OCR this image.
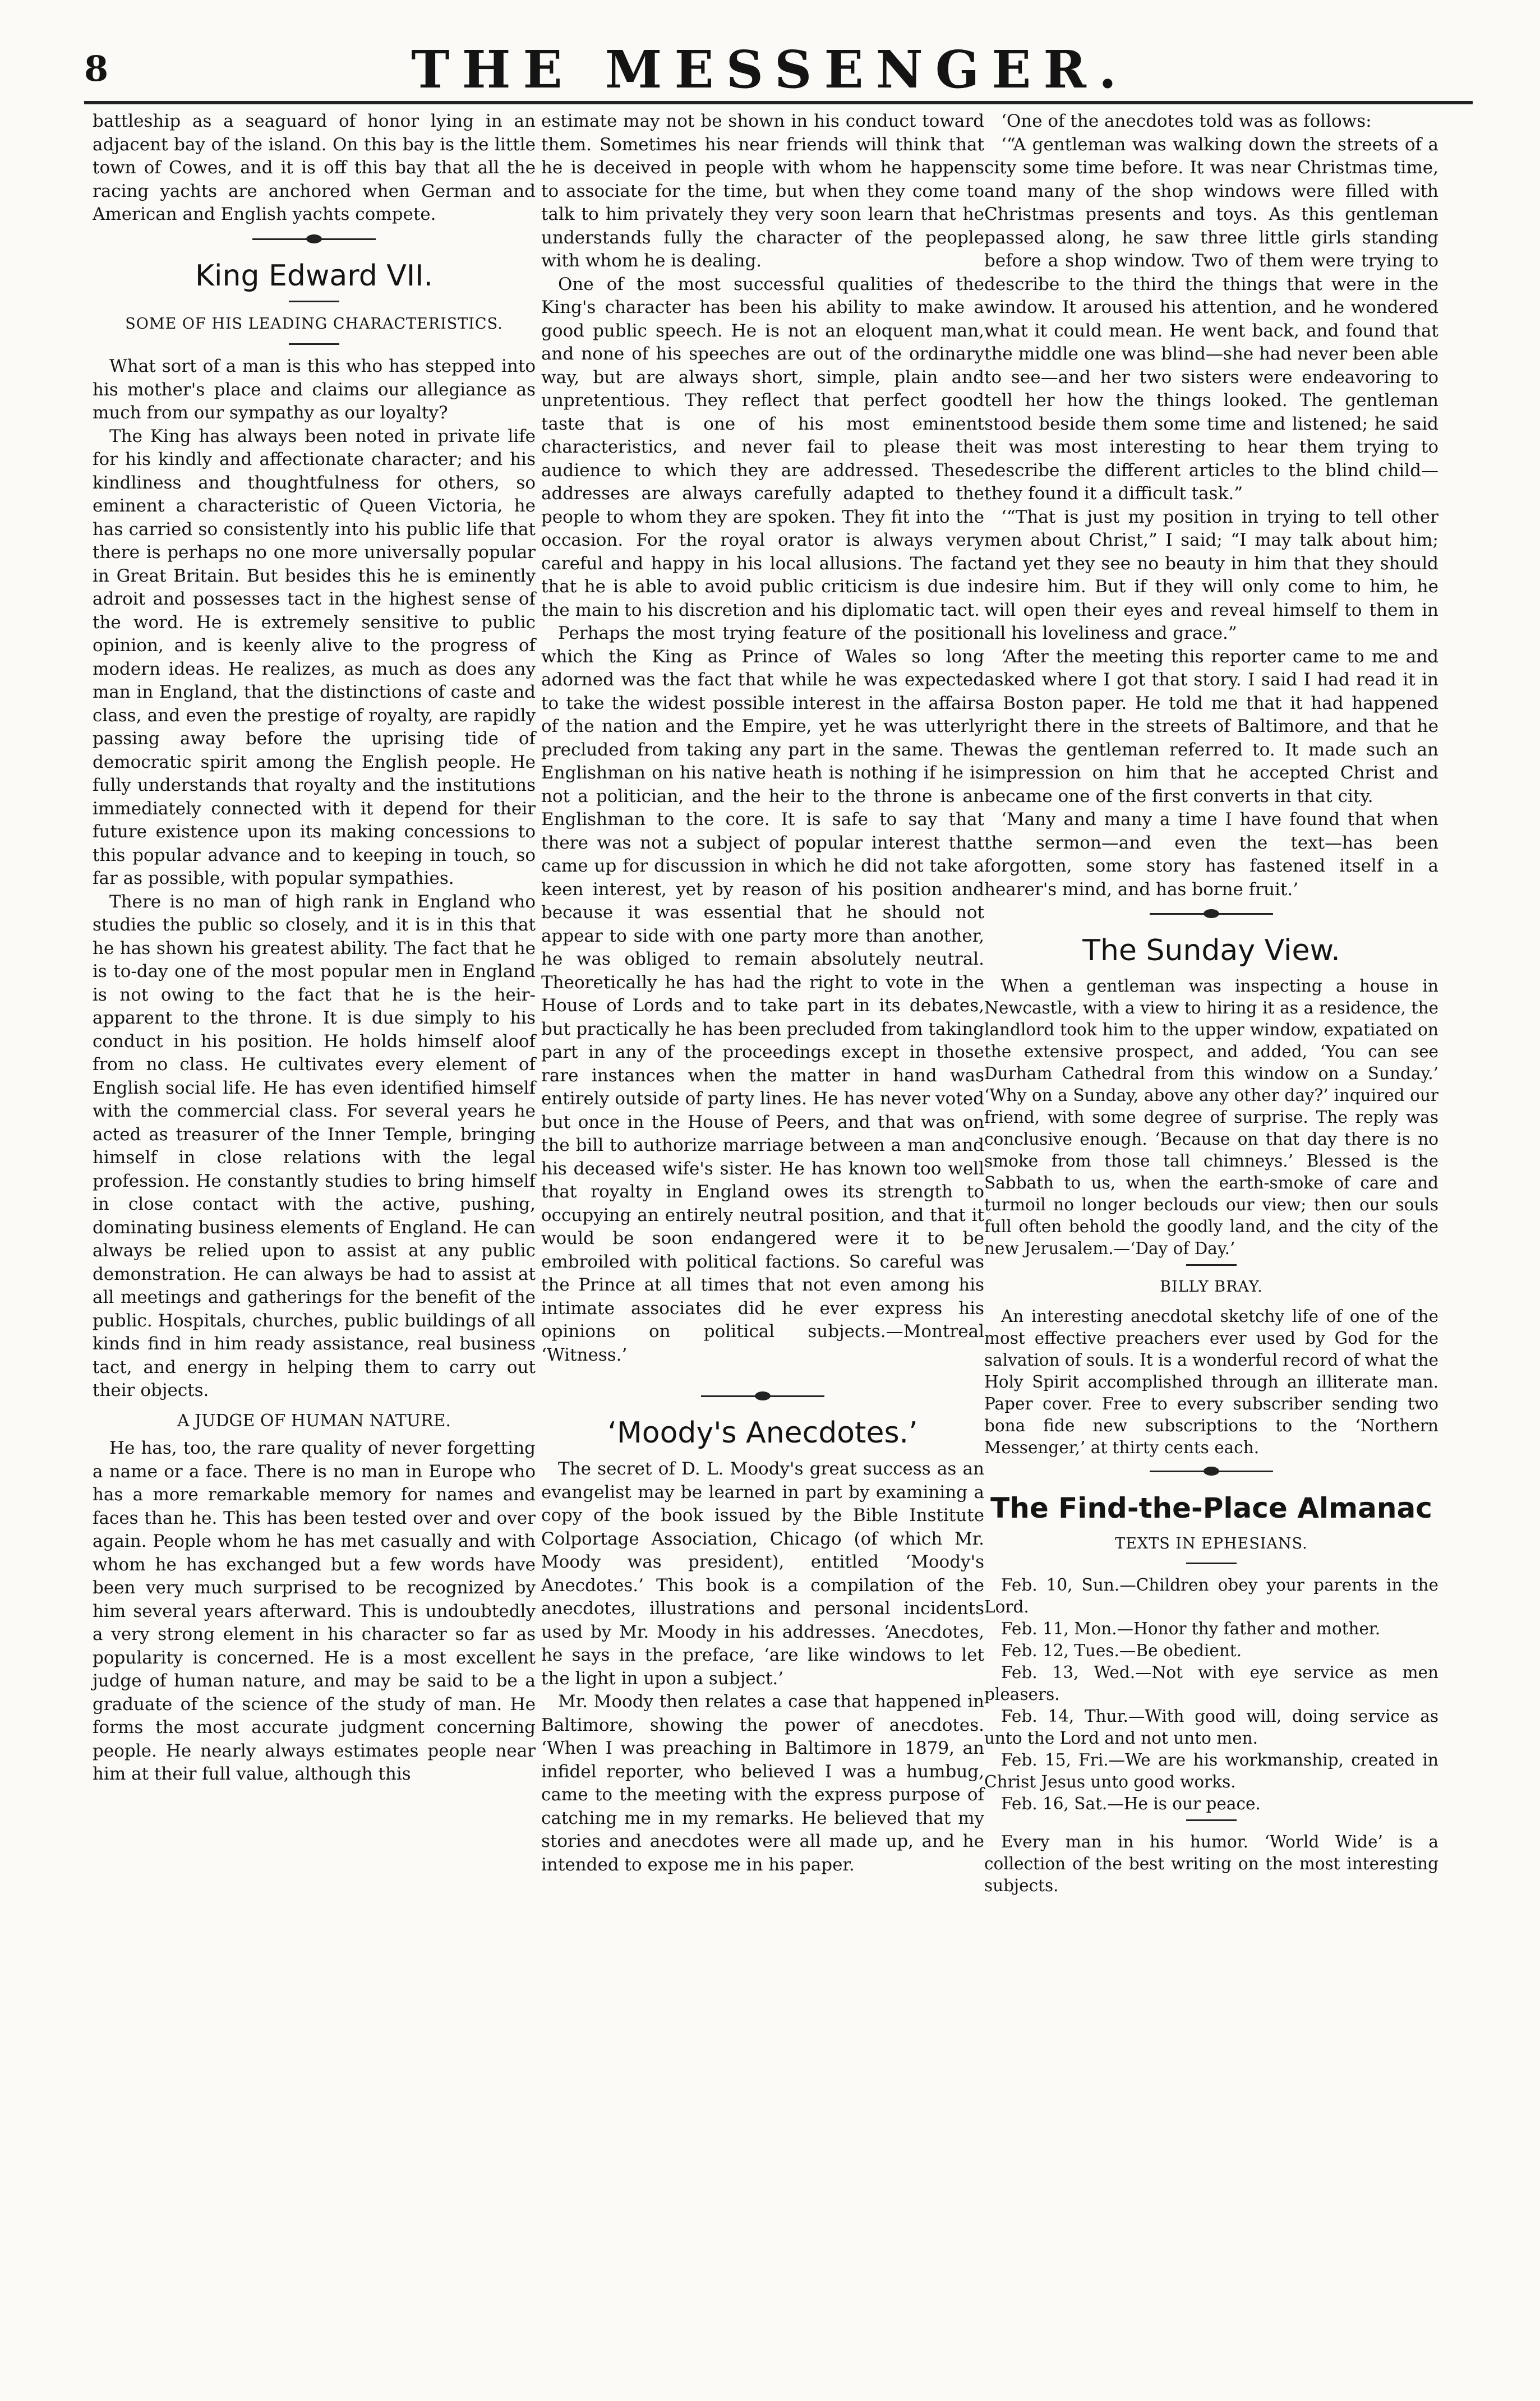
8	THE MESSENGER.

battleship as a seaguard of honor lying in an adjacent bay of the island. On this bay is the little town of Cowes, and it is off this bay that all the racing yachts are anchored when German and American and English yachts compete.

King Edward VII.
SOME OF HIS LEADING CHARACTERISTICS.

What sort of a man is this who has stepped into his mother's place and claims our allegiance as much from our sympathy as our loyalty?

The King has always been noted in private life for his kindly and affectionate character; and his kindliness and thoughtfulness for others, so eminent a characteristic of Queen Victoria, he has carried so consistently into his public life that there is perhaps no one more universally popular in Great Britain. But besides this he is eminently adroit and possesses tact in the highest sense of the word. He is extremely sensitive to public opinion, and is keenly alive to the progress of modern ideas. He realizes, as much as does any man in England, that the distinctions of caste and class, and even the prestige of royalty, are rapidly passing away before the uprising tide of democratic spirit among the English people. He fully understands that royalty and the institutions immediately connected with it depend for their future existence upon its making concessions to this popular advance and to keeping in touch, so far as possible, with popular sympathies.

There is no man of high rank in England who studies the public so closely, and it is in this that he has shown his greatest ability. The fact that he is to-day one of the most popular men in England is not owing to the fact that he is the heir-apparent to the throne. It is due simply to his conduct in his position. He holds himself aloof from no class. He cultivates every element of English social life. He has even identified himself with the commercial class. For several years he acted as treasurer of the Inner Temple, bringing himself in close relations with the legal profession. He constantly studies to bring himself in close contact with the active, pushing, dominating business elements of England. He can always be relied upon to assist at any public demonstration. He can always be had to assist at all meetings and gatherings for the benefit of the public. Hospitals, churches, public buildings of all kinds find in him ready assistance, real business tact, and energy in helping them to carry out their objects.

A JUDGE OF HUMAN NATURE.

He has, too, the rare quality of never forgetting a name or a face. There is no man in Europe who has a more remarkable memory for names and faces than he. This has been tested over and over again. People whom he has met casually and with whom he has exchanged but a few words have been very much surprised to be recognized by him several years afterward. This is undoubtedly a very strong element in his character so far as popularity is concerned. He is a most excellent judge of human nature, and may be said to be a graduate of the science of the study of man. He forms the most accurate judgment concerning people. He nearly always estimates people near him at their full value, although this

estimate may not be shown in his conduct toward them. Sometimes his near friends will think that he is deceived in people with whom he happens to associate for the time, but when they come to talk to him privately they very soon learn that he understands fully the character of the people with whom he is dealing.

One of the most successful qualities of the King's character has been his ability to make a good public speech. He is not an eloquent man, and none of his speeches are out of the ordinary way, but are always short, simple, plain and unpretentious. They reflect that perfect good taste that is one of his most eminent characteristics, and never fail to please the audience to which they are addressed. These addresses are always carefully adapted to the people to whom they are spoken. They fit into the occasion. For the royal orator is always very careful and happy in his local allusions. The fact that he is able to avoid public criticism is due in the main to his discretion and his diplomatic tact.

Perhaps the most trying feature of the position which the King as Prince of Wales so long adorned was the fact that while he was expected to take the widest possible interest in the affairs of the nation and the Empire, yet he was utterly precluded from taking any part in the same. The Englishman on his native heath is nothing if he is not a politician, and the heir to the throne is an Englishman to the core. It is safe to say that there was not a subject of popular interest that came up for discussion in which he did not take a keen interest, yet by reason of his position and because it was essential that he should not appear to side with one party more than another, he was obliged to remain absolutely neutral. Theoretically he has had the right to vote in the House of Lords and to take part in its debates, but practically he has been precluded from taking part in any of the proceedings except in those rare instances when the matter in hand was entirely outside of party lines. He has never voted but once in the House of Peers, and that was on the bill to authorize marriage between a man and his deceased wife's sister. He has known too well that royalty in England owes its strength to occupying an entirely neutral position, and that it would be soon endangered were it to be embroiled with political factions. So careful was the Prince at all times that not even among his intimate associates did he ever express his opinions on political subjects.—Montreal ‘Witness.’

‘Moody's Anecdotes.’

The secret of D. L. Moody's great success as an evangelist may be learned in part by examining a copy of the book issued by the Bible Institute Colportage Association, Chicago (of which Mr. Moody was president), entitled ‘Moody's Anecdotes.’ This book is a compilation of the anecdotes, illustrations and personal incidents used by Mr. Moody in his addresses. ‘Anecdotes, he says in the preface, ‘are like windows to let the light in upon a subject.’

Mr. Moody then relates a case that happened in Baltimore, showing the power of anecdotes. ‘When I was preaching in Baltimore in 1879, an infidel reporter, who believed I was a humbug, came to the meeting with the express purpose of catching me in my remarks. He believed that my stories and anecdotes were all made up, and he intended to expose me in his paper.

‘One of the anecdotes told was as follows:

‘“A gentleman was walking down the streets of a city some time before. It was near Christmas time, and many of the shop windows were filled with Christmas presents and toys. As this gentleman passed along, he saw three little girls standing before a shop window. Two of them were trying to describe to the third the things that were in the window. It aroused his attention, and he wondered what it could mean. He went back, and found that the middle one was blind—she had never been able to see—and her two sisters were endeavoring to tell her how the things looked. The gentleman stood beside them some time and listened; he said it was most interesting to hear them trying to describe the different articles to the blind child—they found it a difficult task.”

‘“That is just my position in trying to tell other men about Christ,” I said; “I may talk about him; and yet they see no beauty in him that they should desire him. But if they will only come to him, he will open their eyes and reveal himself to them in all his loveliness and grace.”

‘After the meeting this reporter came to me and asked where I got that story. I said I had read it in a Boston paper. He told me that it had happened right there in the streets of Baltimore, and that he was the gentleman referred to. It made such an impression on him that he accepted Christ and became one of the first converts in that city.

‘Many and many a time I have found that when the sermon—and even the text—has been forgotten, some story has fastened itself in a hearer's mind, and has borne fruit.’

The Sunday View.

When a gentleman was inspecting a house in Newcastle, with a view to hiring it as a residence, the landlord took him to the upper window, expatiated on the extensive prospect, and added, ‘You can see Durham Cathedral from this window on a Sunday.’ ‘Why on a Sunday, above any other day?’ inquired our friend, with some degree of surprise. The reply was conclusive enough. ‘Because on that day there is no smoke from those tall chimneys.’ Blessed is the Sabbath to us, when the earth-smoke of care and turmoil no longer beclouds our view; then our souls full often behold the goodly land, and the city of the new Jerusalem.—‘Day of Day.’

BILLY BRAY.

An interesting anecdotal sketchy life of one of the most effective preachers ever used by God for the salvation of souls. It is a wonderful record of what the Holy Spirit accomplished through an illiterate man. Paper cover. Free to every subscriber sending two bona fide new subscriptions to the ‘Northern Messenger,’ at thirty cents each.

The Find-the-Place Almanac
TEXTS IN EPHESIANS.

Feb. 10, Sun.—Children obey your parents in the Lord.

Feb. 11, Mon.—Honor thy father and mother.

Feb. 12, Tues.—Be obedient.

Feb. 13, Wed.—Not with eye service as men pleasers.

Feb. 14, Thur.—With good will, doing service as unto the Lord and not unto men.

Feb. 15, Fri.—We are his workmanship, created in Christ Jesus unto good works.

Feb. 16, Sat.—He is our peace.

Every man in his humor. ‘World Wide’ is a collection of the best writing on the most interesting subjects.
